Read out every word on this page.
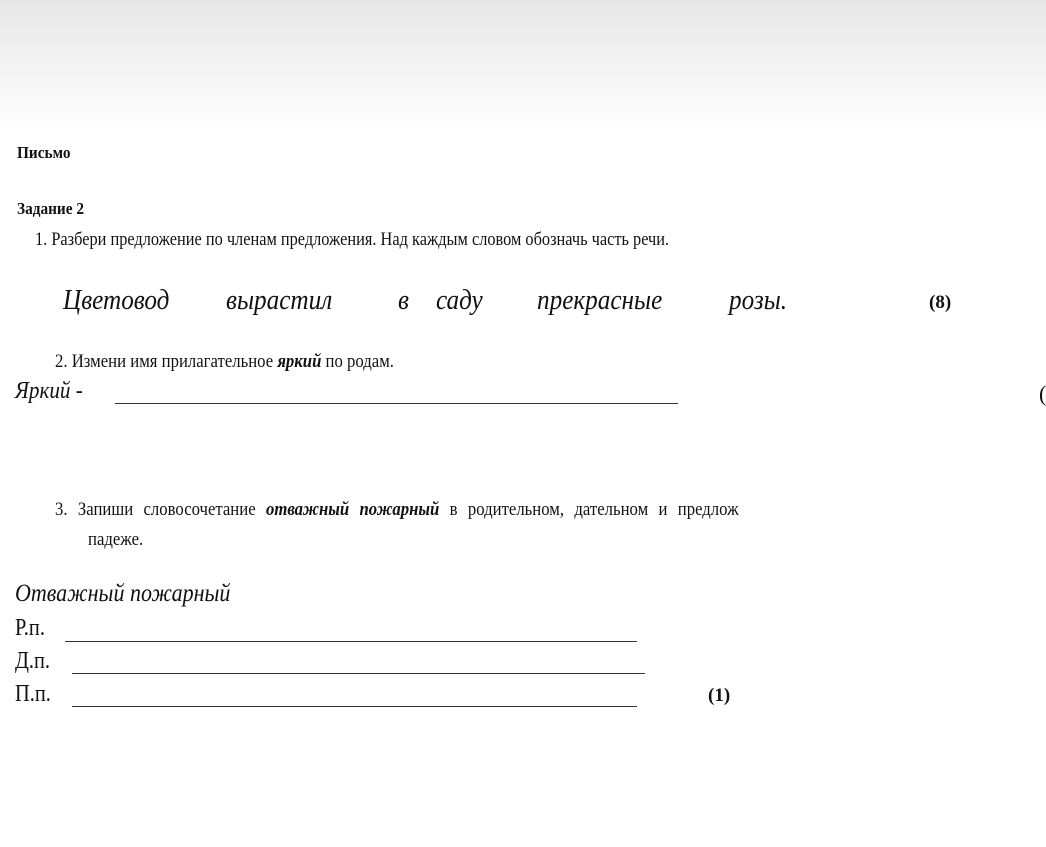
Письмо
Задание 2
1. Разбери предложение по членам предложения. Над каждым словом обозначь часть речи.
Цветовод вырастил в саду прекрасные розы.	(8)
2. Измени имя прилагательное яркий по родам.
Яркий -	(
3. Запиши словосочетание отважный пожарный в родительном, дательном и предлож
падеже.
Отважный пожарный
Р.п.
Д.п.
П.п.	(1)
